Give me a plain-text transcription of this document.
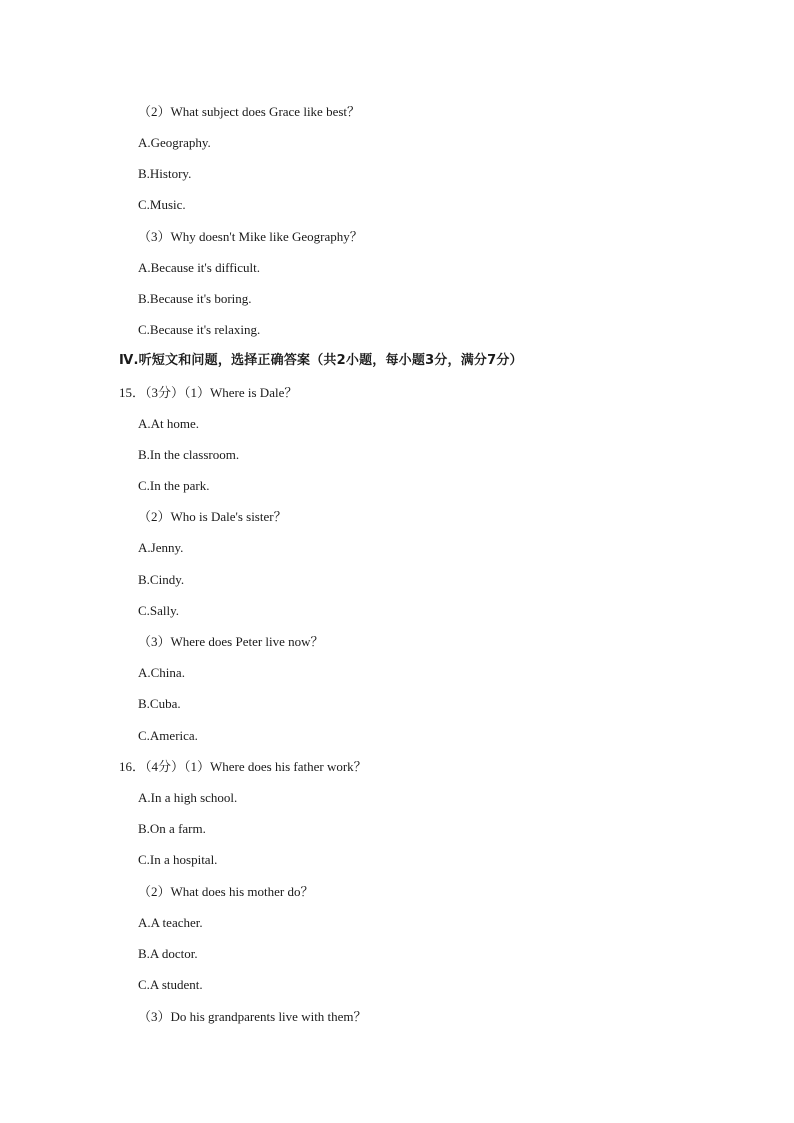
（2）What subject does Grace like best？
A.Geography.
B.History.
C.Music.
（3）Why doesn't Mike like Geography？
A.Because it's difficult.
B.Because it's boring.
C.Because it's relaxing.
Ⅳ.听短文和问题，选择正确答案（共2小题，每小题3分，满分7分）
15．（3分）（1）Where is Dale？
A.At home.
B.In the classroom.
C.In the park.
（2）Who is Dale's sister？
A.Jenny.
B.Cindy.
C.Sally.
（3）Where does Peter live now？
A.China.
B.Cuba.
C.America.
16．（4分）（1）Where does his father work？
A.In a high school.
B.On a farm.
C.In a hospital.
（2）What does his mother do？
A.A teacher.
B.A doctor.
C.A student.
（3）Do his grandparents live with them？
